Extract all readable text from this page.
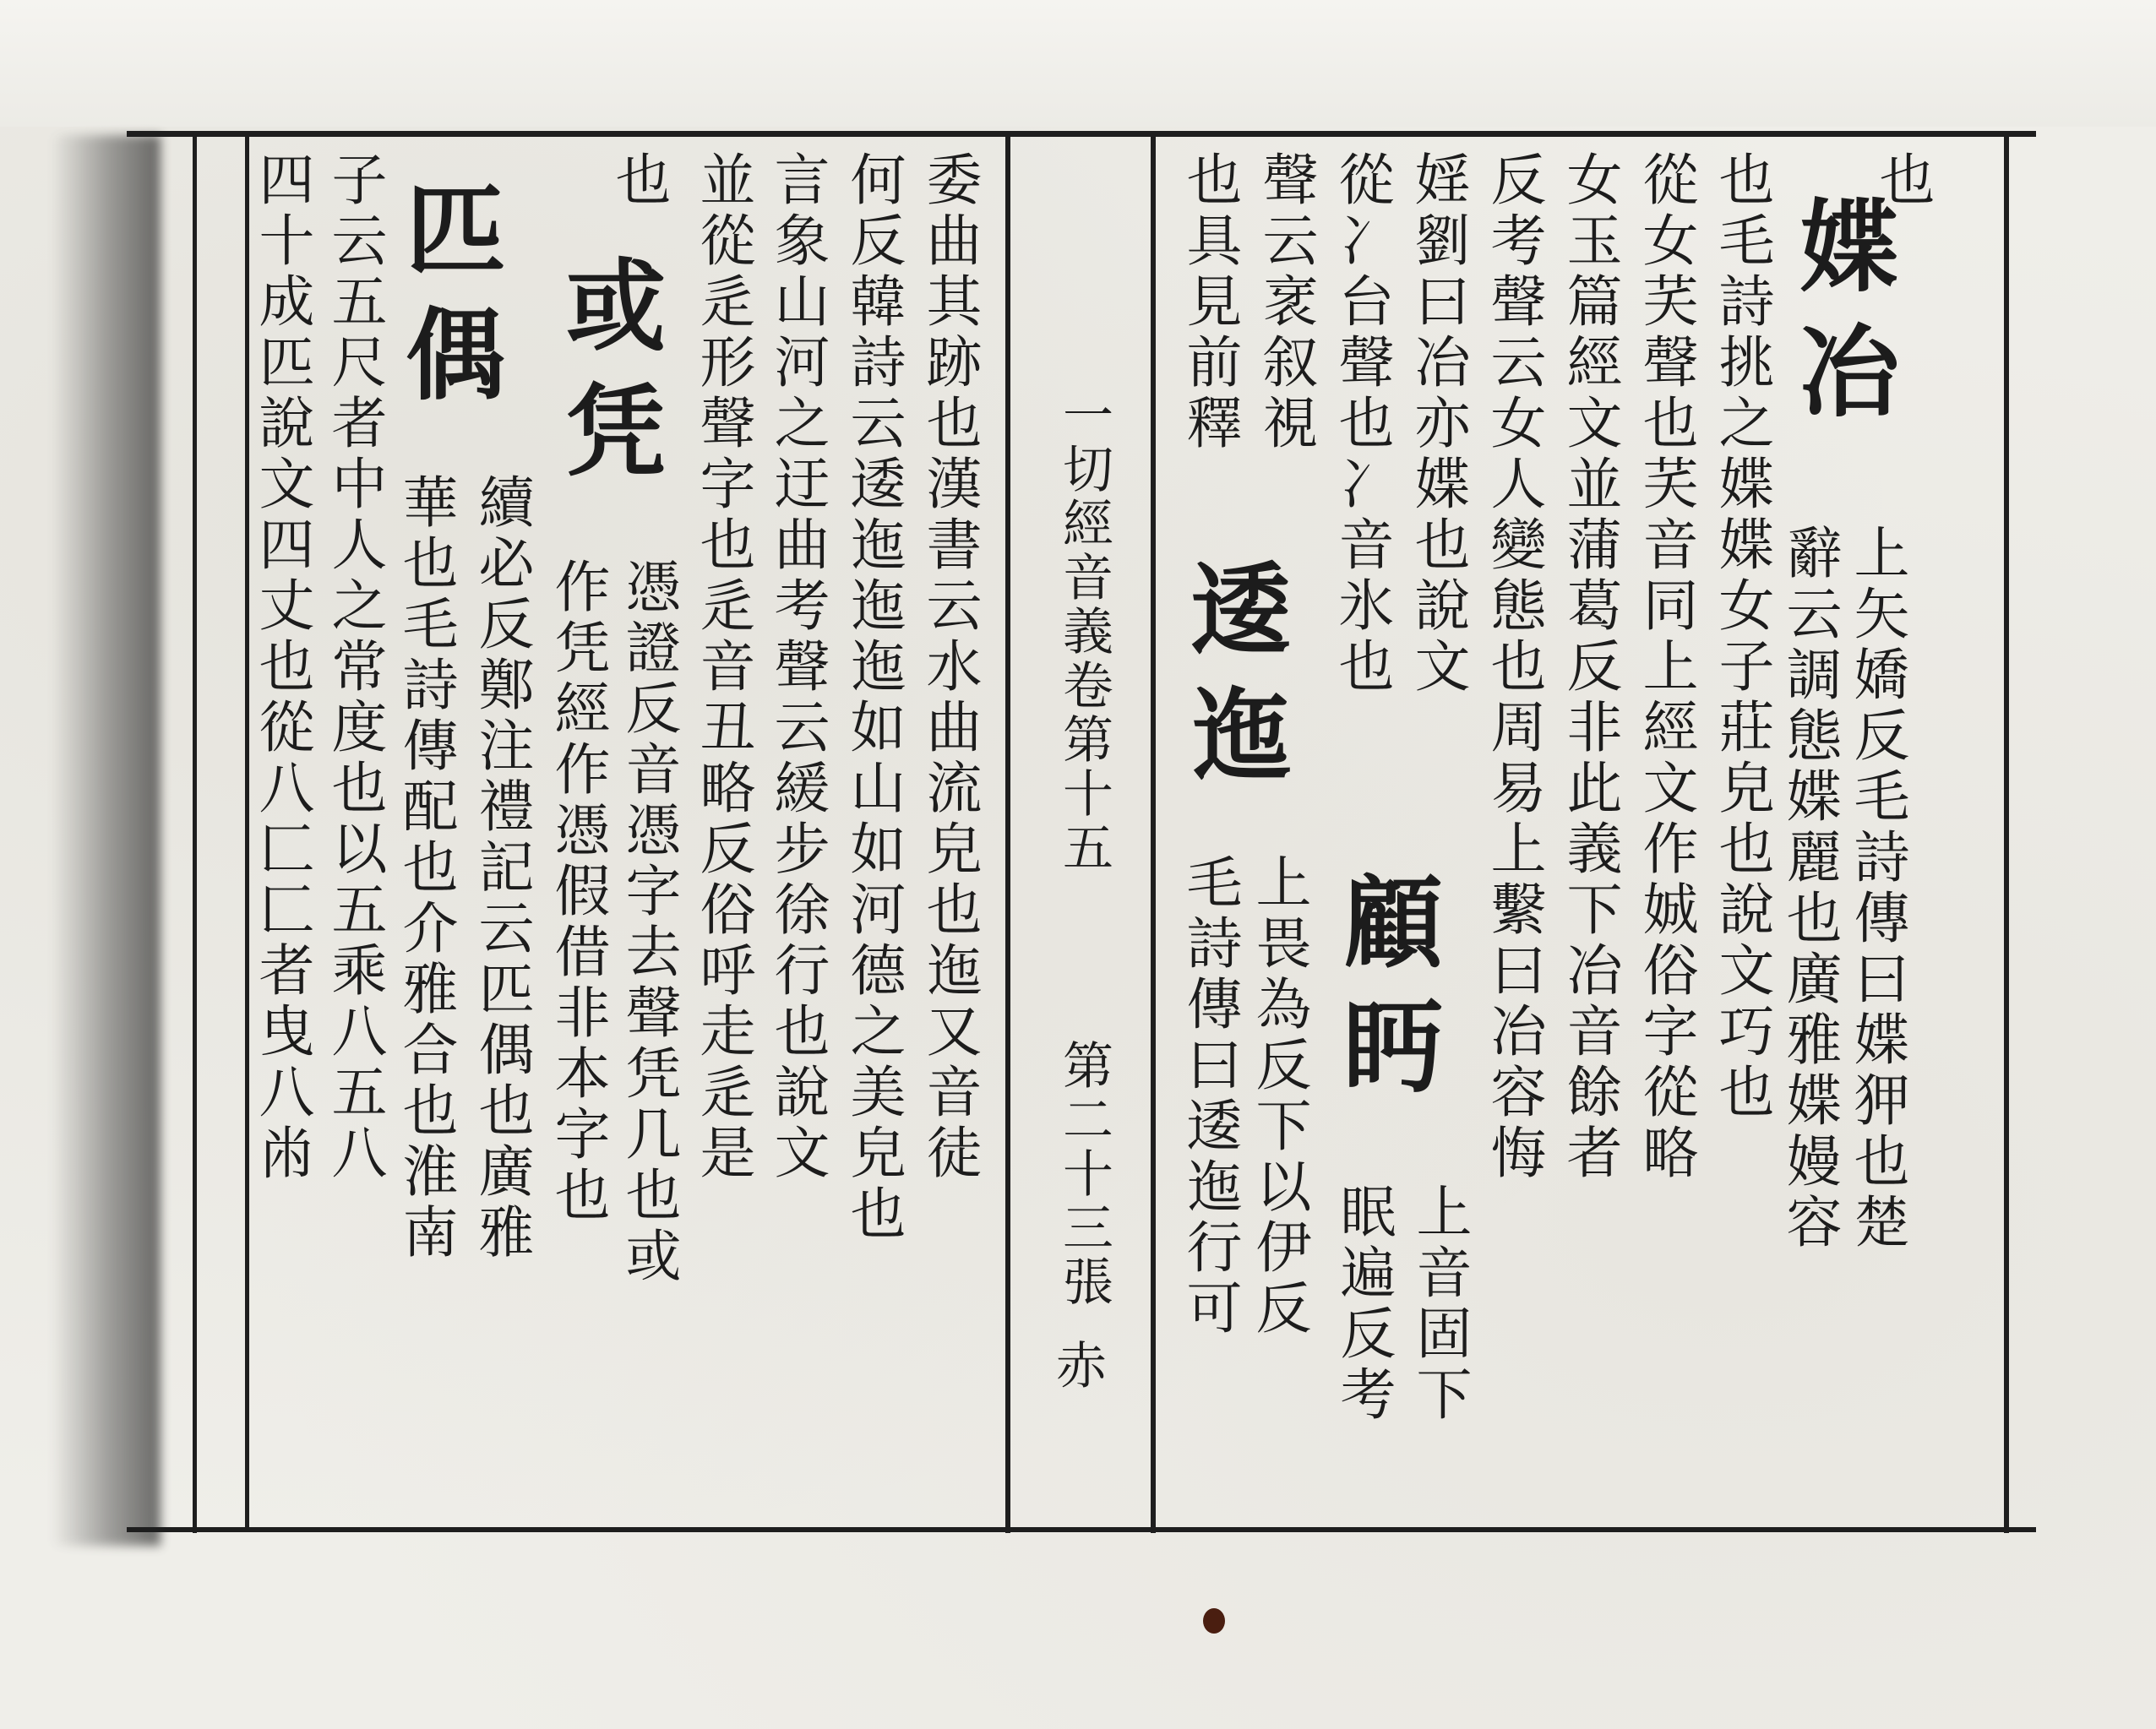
也
媟冶
上矢嬌反毛詩傳曰媟狎也楚
辭云調態媟麗也廣雅媟嫚容
也毛詩挑之媟媟女子莊皃也說文巧也
從女芺聲也芺音同上經文作娍俗字從略
女玉篇經文並蒲葛反非此義下冶音餘者
反考聲云女人變態也周易上繫曰冶容悔
婬劉曰冶亦媟也說文
從冫台聲也冫音氷也
聲云衺叙視
也具見前釋
顧眄
上音固下
眠遍反考
逶迤
上畏為反下以伊反
毛詩傳曰逶迤行可
一切經音義卷第十五
第二十三張
赤
委曲其跡也漢書云水曲流皃也迤又音徒
何反韓詩云逶迤迤迤如山如河德之美皃也
言象山河之迂曲考聲云緩步徐行也說文
並從辵形聲字也辵音丑略反俗呼走辵是
也
或凭
憑證反音憑字去聲凭几也或
作凭經作憑假借非本字也
匹偶
續必反鄭注禮記云匹偶也廣雅
華也毛詩傳配也介雅合也淮南
子云五尺者中人之常度也以五乘八五八
四十成匹說文四丈也從八匚匚者曳八㡀
